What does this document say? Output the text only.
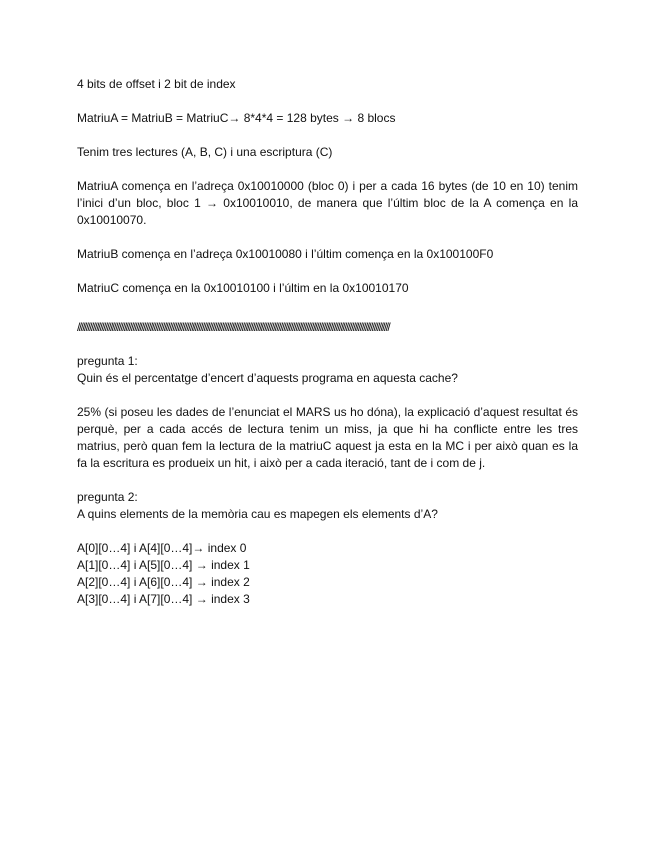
4 bits de offset i 2 bit de index

MatriuA = MatriuB = MatriuC→ 8*4*4 = 128 bytes → 8 blocs

Tenim tres lectures (A, B, C) i una escriptura (C)

MatriuA comença en l’adreça 0x10010000 (bloc 0) i per a cada 16 bytes (de 10 en 10) tenim l’inici d’un bloc, bloc 1 → 0x10010010, de manera que l’últim bloc de la A comença en la 0x10010070.

MatriuB comença en l’adreça 0x10010080 i l’últim comença en la 0x100100F0

MatriuC comença en la 0x10010100 i l’últim en la 0x10010170

////////////////////////////////////////////////////////////////////////////////////////////////////////////////////////////////////////////////////////////////////////////////////
pregunta 1:
Quin és el percentatge d’encert d’aquests programa en aquesta cache?

25% (si poseu les dades de l’enunciat el MARS us ho dóna), la explicació d’aquest resultat és perquè, per a cada accés de lectura tenim un miss, ja que hi ha conflicte entre les tres matrius, però quan fem la lectura de la matriuC aquest ja esta en la MC i per això quan es la fa la escritura es produeix un hit, i això per a cada iteració, tant de i com de j.

pregunta 2:
A quins elements de la memòria cau es mapegen els elements d’A?
A[0][0…4] i A[4][0…4]→ index 0
A[1][0…4] i A[5][0…4] → index 1
A[2][0…4] i A[6][0…4] → index 2
A[3][0…4] i A[7][0…4] → index 3
